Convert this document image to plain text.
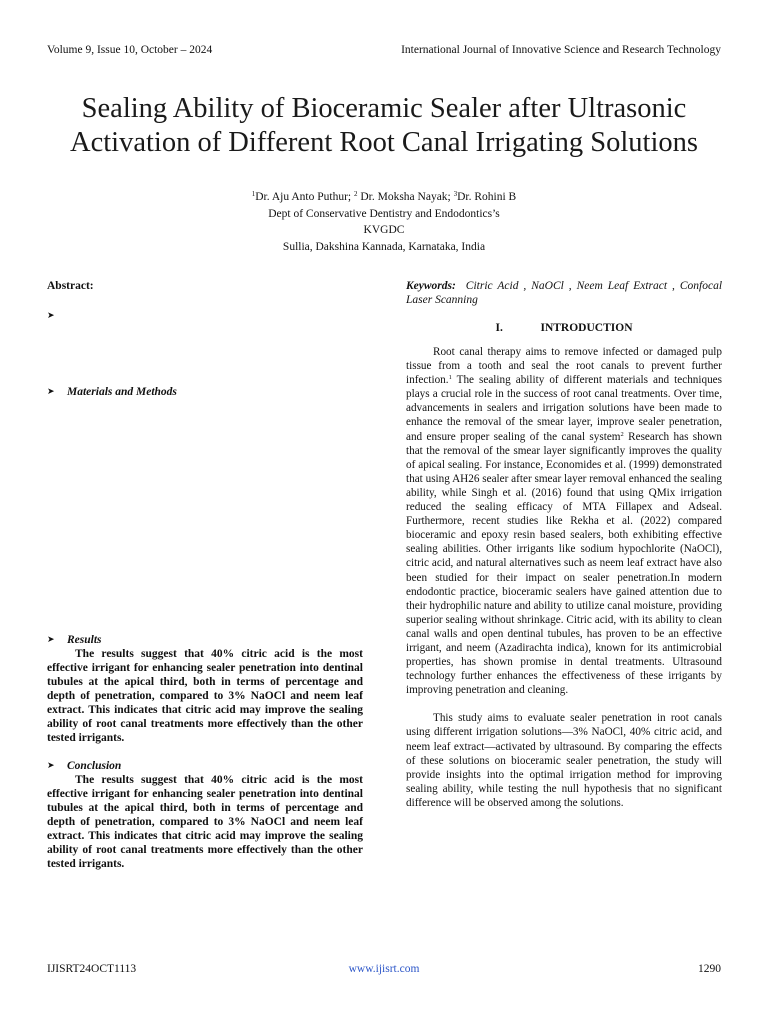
Volume 9, Issue 10, October – 2024	International Journal of Innovative Science and Research Technology
Sealing Ability of Bioceramic Sealer after Ultrasonic
Activation of Different Root Canal Irrigating Solutions
$^1$Dr. Aju Anto Puthur; $^2$ Dr. Moksha Nayak; $^3$Dr. Rohini B
Dept of Conservative Dentistry and Endodontics’s
KVGDC
Sullia, Dakshina Kannada, Karnataka, India
Abstract:
➤
➤ Materials and Methods
➤ Results

The results suggest that 40% citric acid is the most effective irrigant for enhancing sealer penetration into dentinal tubules at the apical third, both in terms of percentage and depth of penetration, compared to 3% NaOCl and neem leaf extract. This indicates that citric acid may improve the sealing ability of root canal treatments more effectively than the other tested irrigants.

➤ Conclusion

The results suggest that 40% citric acid is the most effective irrigant for enhancing sealer penetration into dentinal tubules at the apical third, both in terms of percentage and depth of penetration, compared to 3% NaOCl and neem leaf extract. This indicates that citric acid may improve the sealing ability of root canal treatments more effectively than the other tested irrigants.

Keywords: Citric Acid , NaOCl , Neem Leaf Extract , Confocal Laser Scanning

I.	INTRODUCTION

Root canal therapy aims to remove infected or damaged pulp tissue from a tooth and seal the root canals to prevent further infection.$^1$ The sealing ability of different materials and techniques plays a crucial role in the success of root canal treatments. Over time, advancements in sealers and irrigation solutions have been made to enhance the removal of the smear layer, improve sealer penetration, and ensure proper sealing of the canal system$^2$ Research has shown that the removal of the smear layer significantly improves the quality of apical sealing. For instance, Economides et al. (1999) demonstrated that using AH26 sealer after smear layer removal enhanced the sealing ability, while Singh et al. (2016) found that using QMix irrigation reduced the sealing efficacy of MTA Fillapex and Adseal. Furthermore, recent studies like Rekha et al. (2022) compared bioceramic and epoxy resin based sealers, both exhibiting effective sealing abilities. Other irrigants like sodium hypochlorite (NaOCl), citric acid, and natural alternatives such as neem leaf extract have also been studied for their impact on sealer penetration.In modern endodontic practice, bioceramic sealers have gained attention due to their hydrophilic nature and ability to utilize canal moisture, providing superior sealing without shrinkage. Citric acid, with its ability to clean canal walls and open dentinal tubules, has proven to be an effective irrigant, and neem (Azadirachta indica), known for its antimicrobial properties, has shown promise in dental treatments. Ultrasound technology further enhances the effectiveness of these irrigants by improving penetration and cleaning.

This study aims to evaluate sealer penetration in root canals using different irrigation solutions—3% NaOCl, 40% citric acid, and neem leaf extract—activated by ultrasound. By comparing the effects of these solutions on bioceramic sealer penetration, the study will provide insights into the optimal irrigation method for improving sealing ability, while testing the null hypothesis that no significant difference will be observed among the solutions.

IJISRT24OCT1113	www.ijisrt.com	1290
